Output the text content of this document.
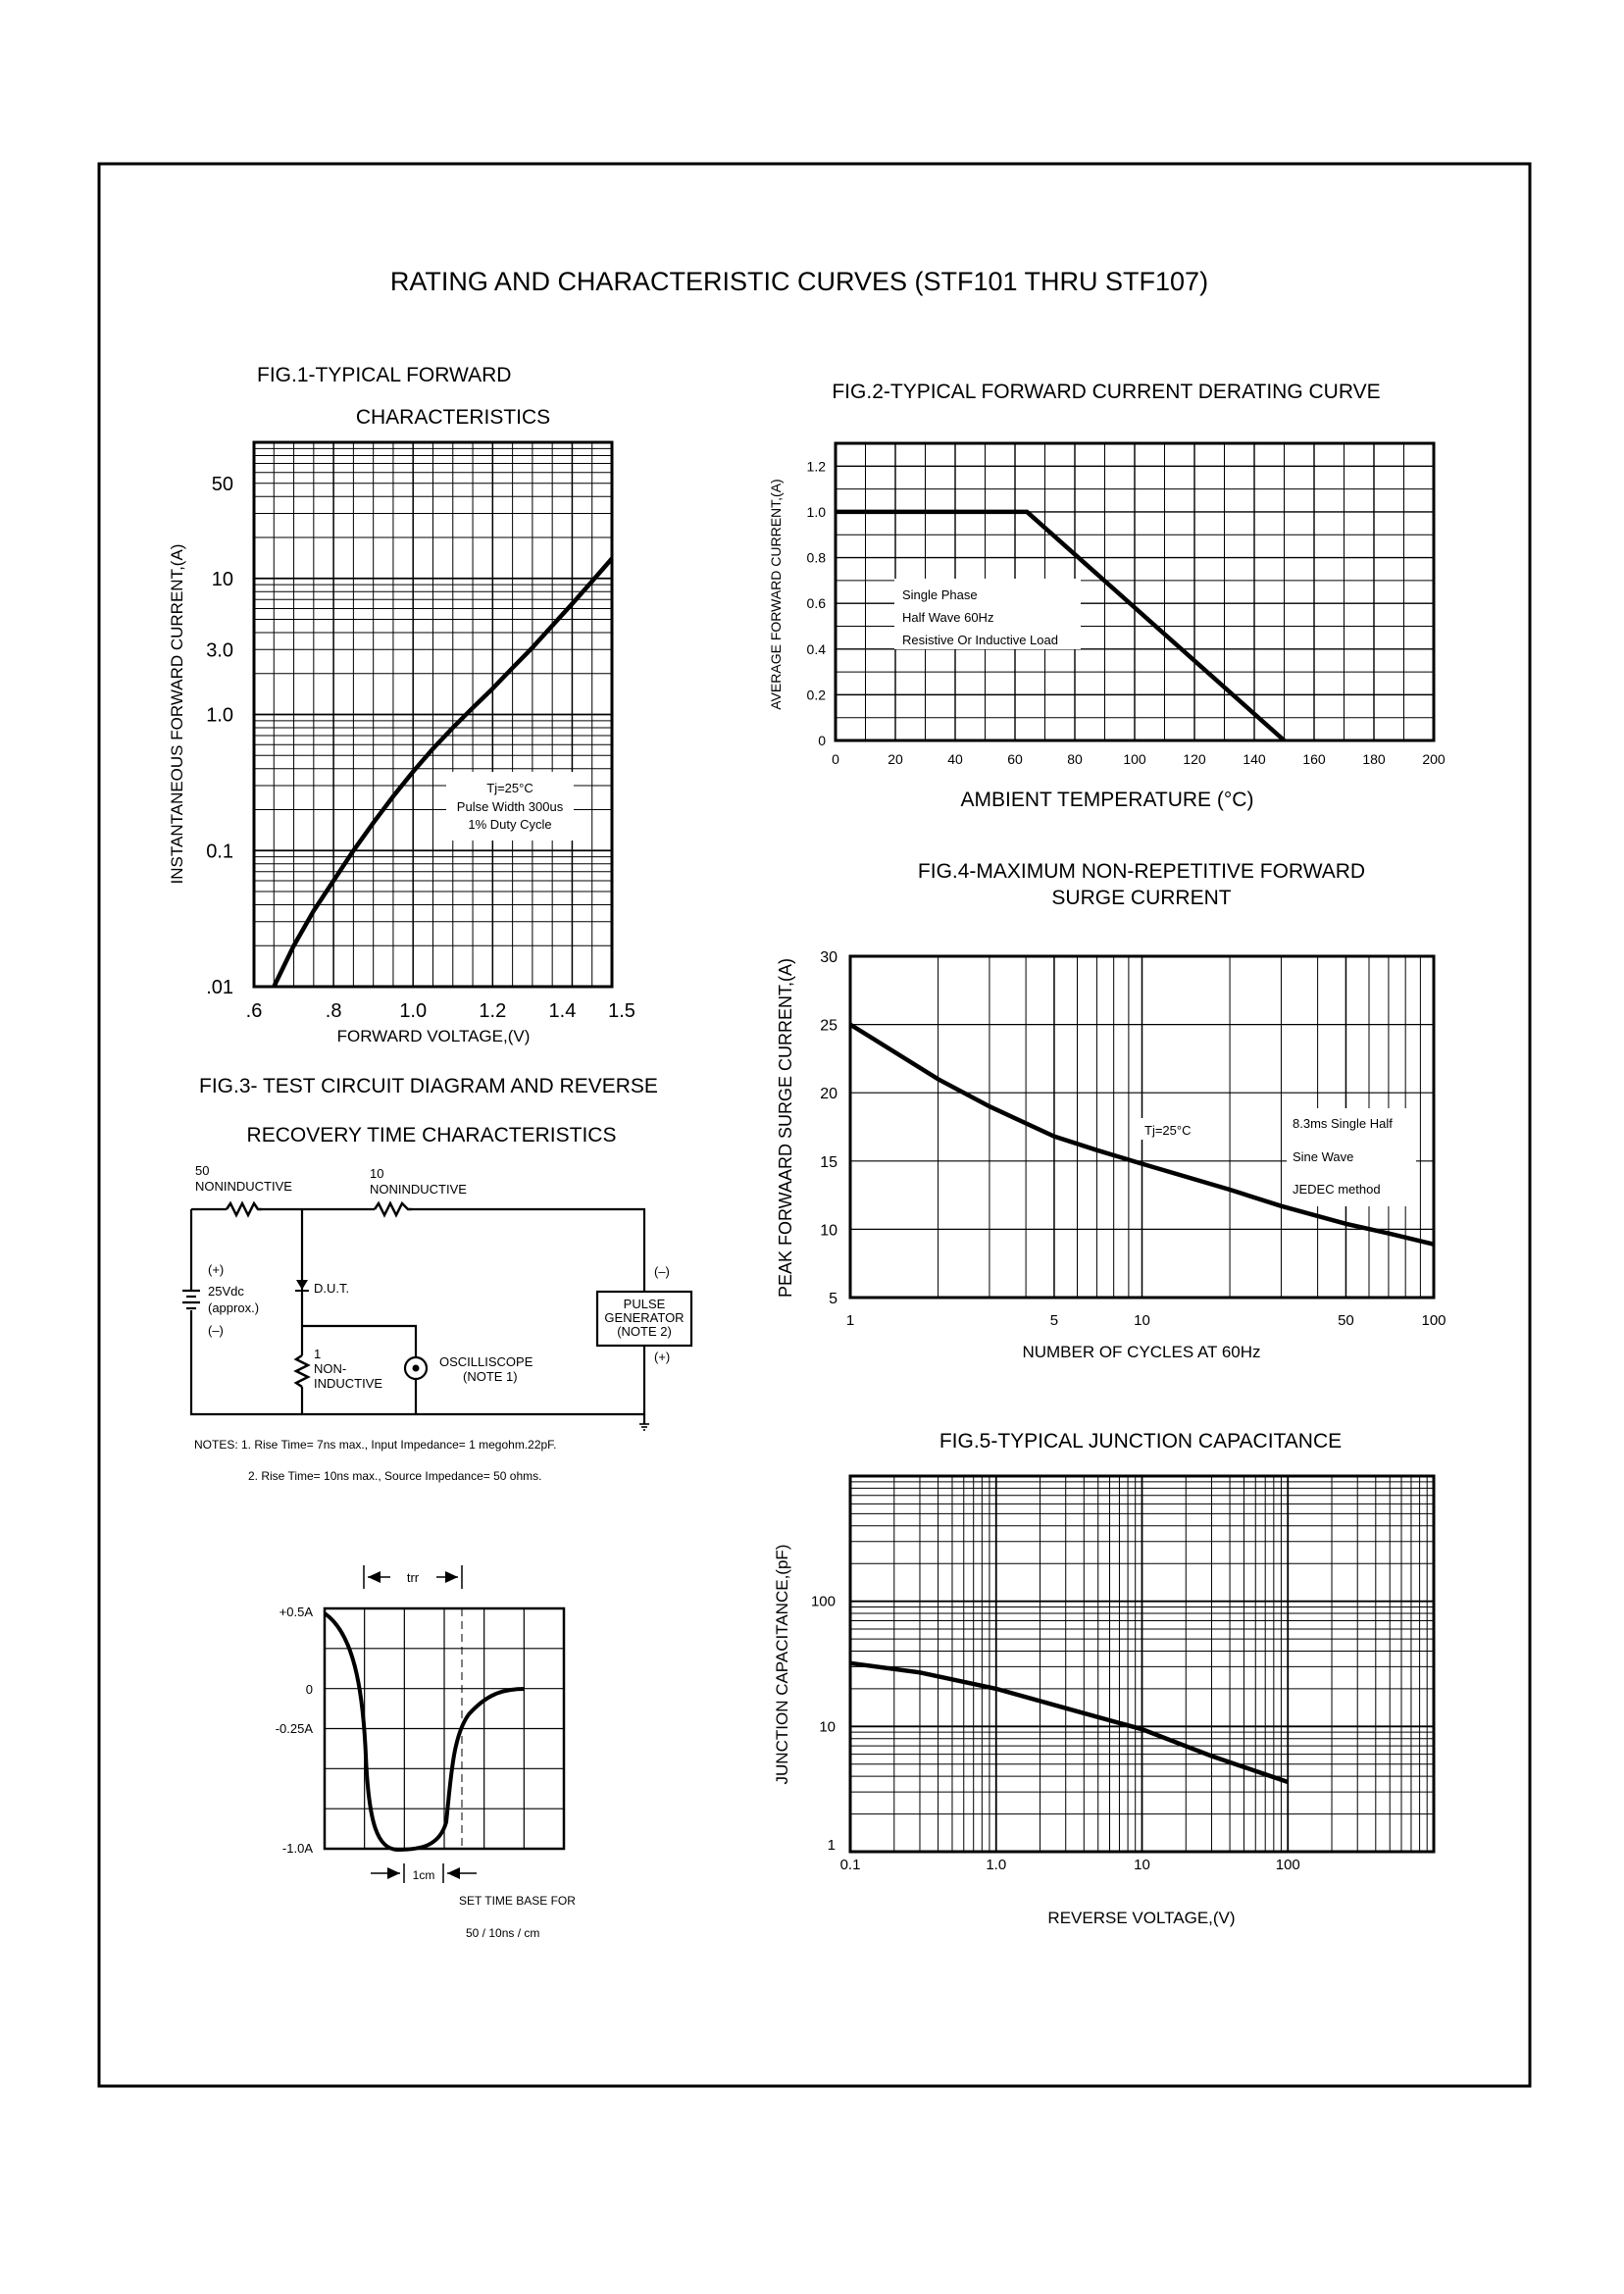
RATING AND CHARACTERISTIC CURVES (STF101 THRU STF107)
FIG.1-TYPICAL FORWARD
CHARACTERISTICS
Tj=25°C
Pulse Width 300us
1% Duty Cycle
.01
0.1
1.0
3.0
10
50
.6	.8	1.0	1.2 1.4 1.5
FORWARD VOLTAGE,(V)
INSTANTANEOUS FORWARD CURRENT,(A)
FIG.2-TYPICAL FORWARD CURRENT DERATING CURVE
Single Phase
Half Wave 60Hz
Resistive Or Inductive Load
0
0.2
0.4
0.6
0.8
1.0
1.2
0	20	40	60	80	100	120	140	160	180	200
AMBIENT TEMPERATURE (°C)
AVERAGE FORWARD CURRENT,(A)
FIG.4-MAXIMUM NON-REPETITIVE FORWARD
SURGE CURRENT
Tj=25°C	8.3ms Single Half
Sine Wave
JEDEC method
5
10
15
20
25
30
1	5	10	50	100
NUMBER OF CYCLES AT 60Hz
PEAK FORWAARD SURGE CURRENT,(A)
FIG.5-TYPICAL JUNCTION CAPACITANCE
1
10
100
0.1	1.0	10	100
REVERSE VOLTAGE,(V)
JUNCTION CAPACITANCE,(pF)
FIG.3- TEST CIRCUIT DIAGRAM AND REVERSE
RECOVERY TIME CHARACTERISTICS
50
NONINDUCTIVE
10
NONINDUCTIVE
(+)
25Vdc
(approx.)
(–)
D.U.T.
1
NON-
INDUCTIVE
OSCILLISCOPE
(NOTE 1)
PULSE
GENERATOR
(NOTE 2)
(–)
(+)
NOTES: 1. Rise Time= 7ns max., Input Impedance= 1 megohm.22pF.
2. Rise Time= 10ns max., Source Impedance= 50 ohms.
trr
+0.5A
0
-0.25A
-1.0A
1cm
SET TIME BASE FOR
50 / 10ns / cm
